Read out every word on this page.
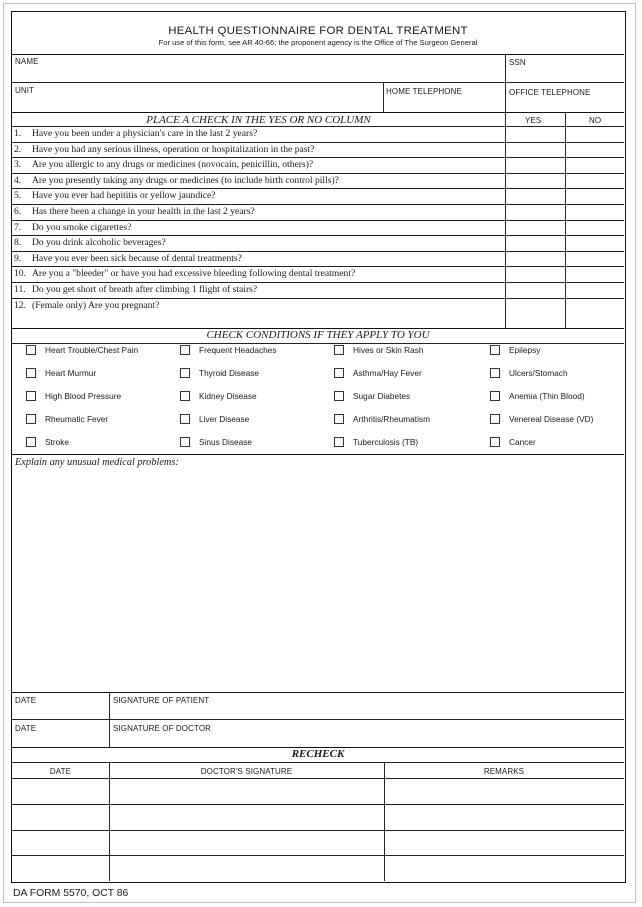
HEALTH QUESTIONNAIRE FOR DENTAL TREATMENT
For use of this form, see AR 40-66; the proponent agency is the Office of The Surgeon General
NAME	SSN
UNIT	HOME TELEPHONE	OFFICE TELEPHONE
PLACE A CHECK IN THE YES OR NO COLUMN	YES	NO
1. Have you been under a physician's care in the last 2 years?
2. Have you had any serious illness, operation or hospitalization in the past?
3. Are you allergic to any drugs or medicines (novocain, penicillin, others)?
4. Are you presently taking any drugs or medicines (to include birth control pills)?
5. Have you ever had hepititis or yellow jaundice?
6. Has there been a change in your health in the last 2 years?
7. Do you smoke cigarettes?
8. Do you drink alcoholic beverages?
9. Have you ever been sick because of dental treatments?
10. Are you a "bleeder" or have you had excessive bleeding following dental treatment?
11. Do you get short of breath after climbing 1 flight of stairs?
12. (Female only) Are you pregnant?
CHECK CONDITIONS IF THEY APPLY TO YOU
Heart Trouble/Chest Pain	Frequent Headaches	Hives or Skin Rash	Epilepsy
Heart Murmur	Thyroid Disease	Asthma/Hay Fever	Ulcers/Stomach
High Blood Pressure	Kidney Disease	Sugar Diabetes	Anemia (Thin Blood)
Rheumatic Fever	Liver Disease	Arthritis/Rheumatism	Venereal Disease (VD)
Stroke	Sinus Disease	Tuberculosis (TB)	Cancer
Explain any unusual medical problems:
DATE	SIGNATURE OF PATIENT
DATE	SIGNATURE OF DOCTOR
RECHECK
DATE	DOCTOR'S SIGNATURE	REMARKS
DA FORM 5570, OCT 86
